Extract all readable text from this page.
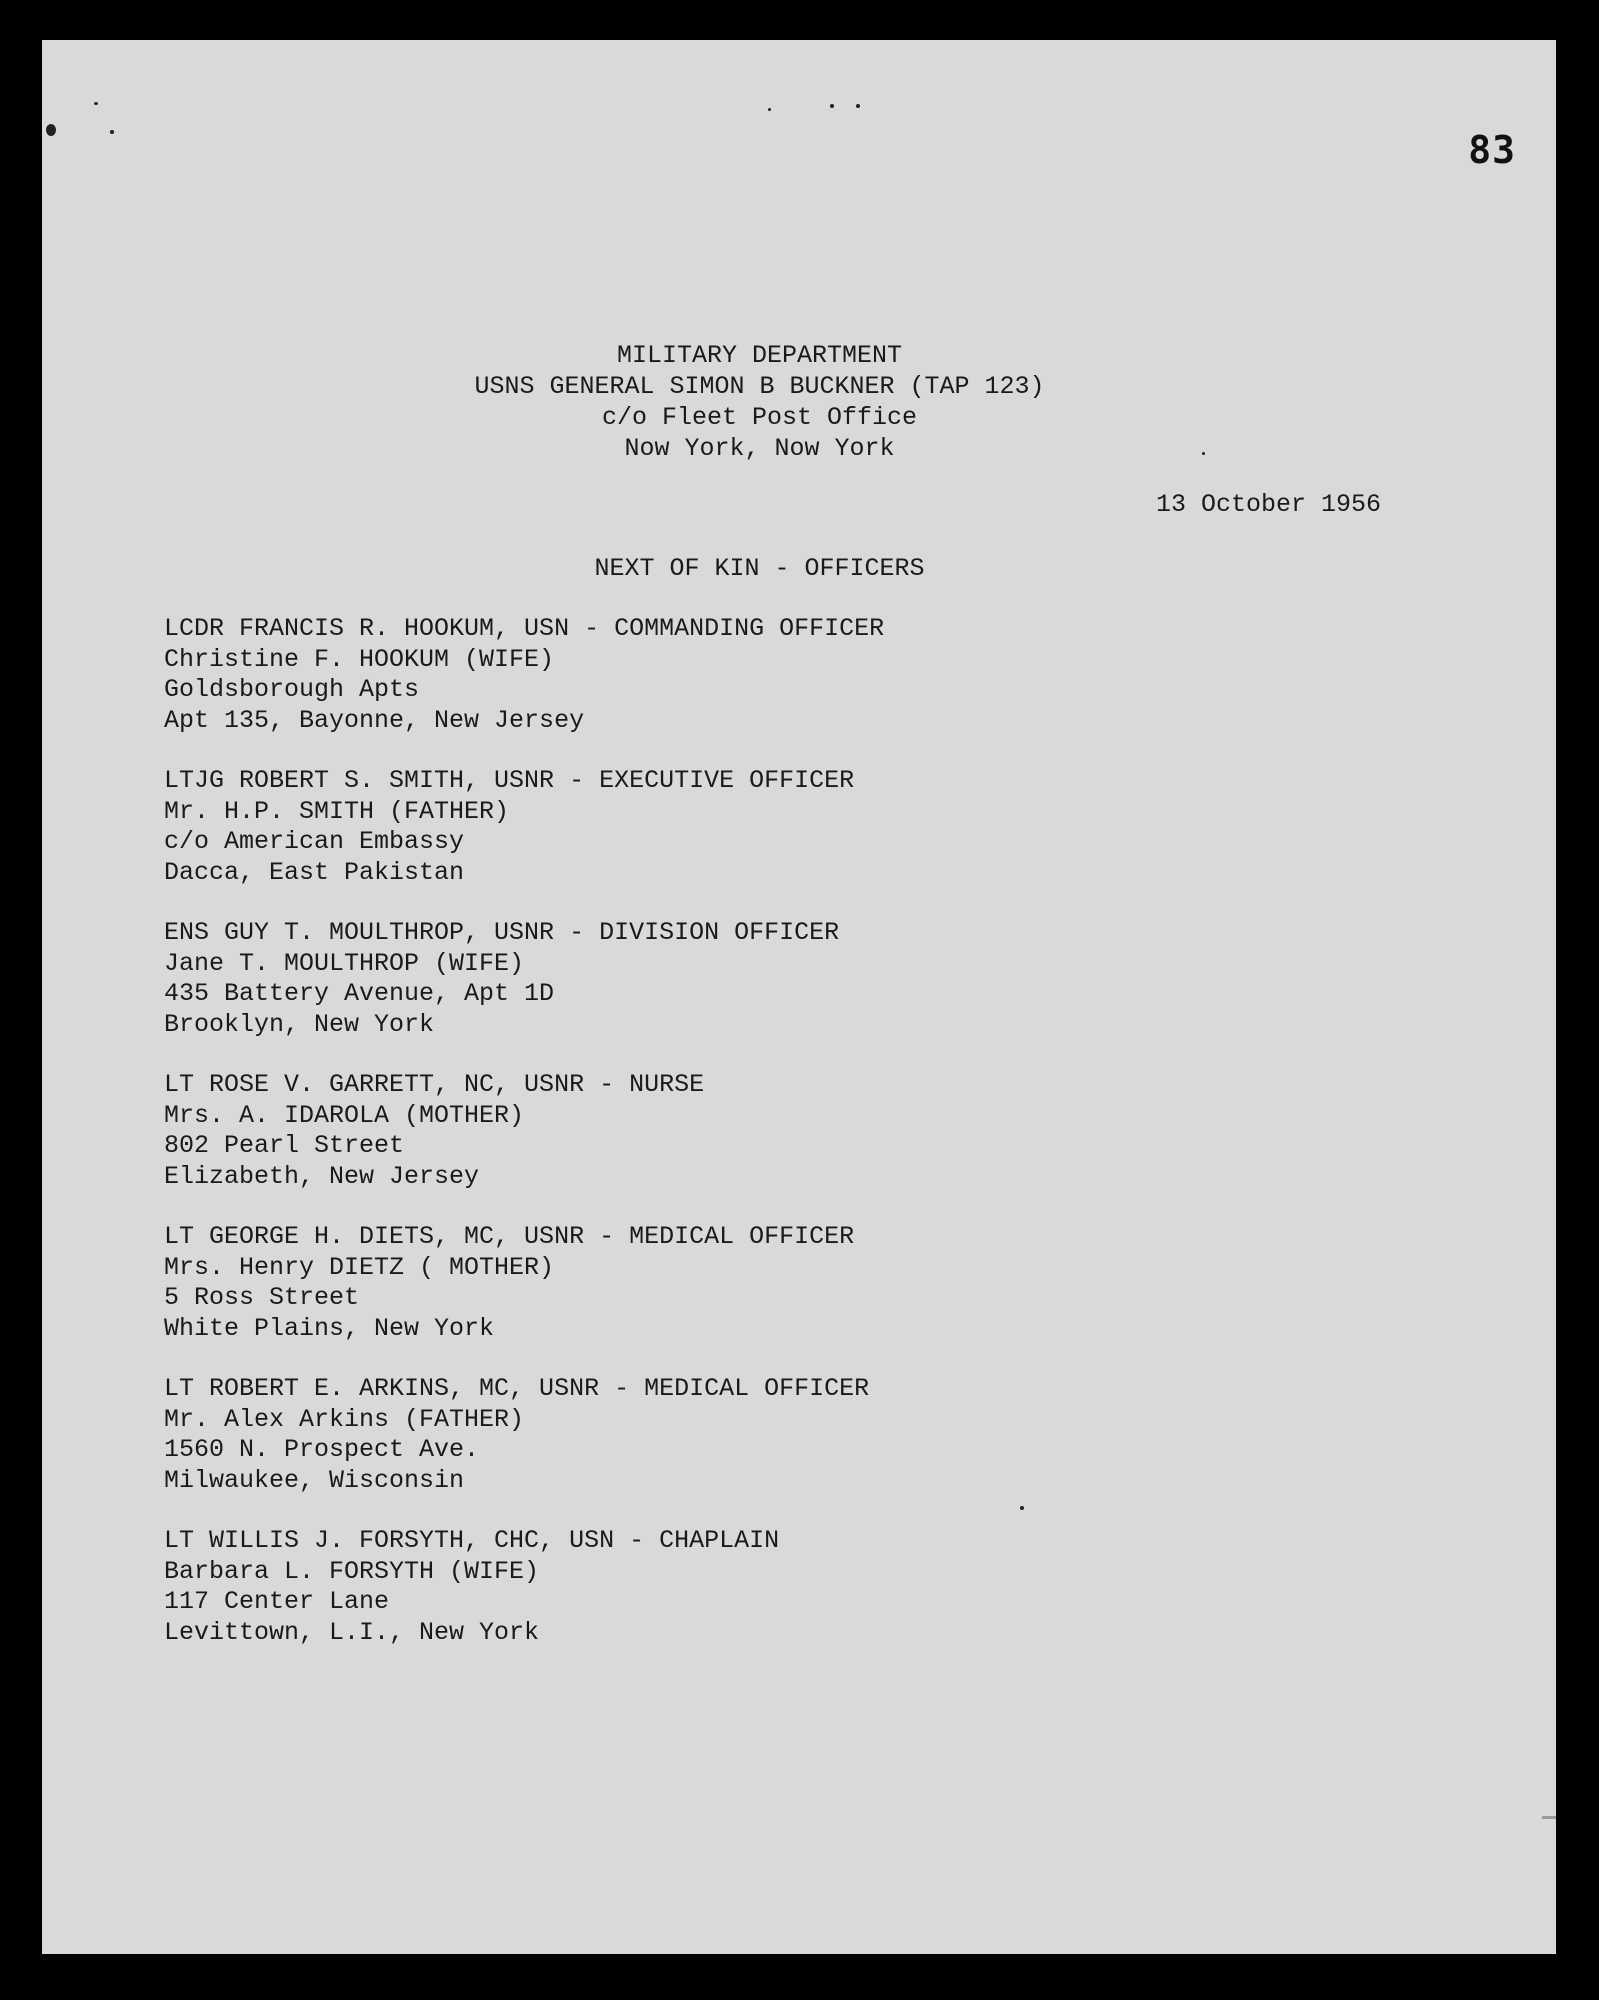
83
MILITARY DEPARTMENT
USNS GENERAL SIMON B BUCKNER (TAP 123)
c/o Fleet Post Office
Now York, Now York
13 October 1956
NEXT OF KIN - OFFICERS
LCDR FRANCIS R. HOOKUM, USN - COMMANDING OFFICER
Christine F. HOOKUM (WIFE)
Goldsborough Apts
Apt 135, Bayonne, New Jersey
LTJG ROBERT S. SMITH, USNR - EXECUTIVE OFFICER
Mr. H.P. SMITH (FATHER)
c/o American Embassy
Dacca, East Pakistan
ENS GUY T. MOULTHROP, USNR - DIVISION OFFICER
Jane T. MOULTHROP (WIFE)
435 Battery Avenue, Apt 1D
Brooklyn, New York
LT ROSE V. GARRETT, NC, USNR - NURSE
Mrs. A. IDAROLA (MOTHER)
802 Pearl Street
Elizabeth, New Jersey
LT GEORGE H. DIETS, MC, USNR - MEDICAL OFFICER
Mrs. Henry DIETZ ( MOTHER)
5 Ross Street
White Plains, New York
LT ROBERT E. ARKINS, MC, USNR - MEDICAL OFFICER
Mr. Alex Arkins (FATHER)
1560 N. Prospect Ave.
Milwaukee, Wisconsin
LT WILLIS J. FORSYTH, CHC, USN - CHAPLAIN
Barbara L. FORSYTH (WIFE)
117 Center Lane
Levittown, L.I., New York
